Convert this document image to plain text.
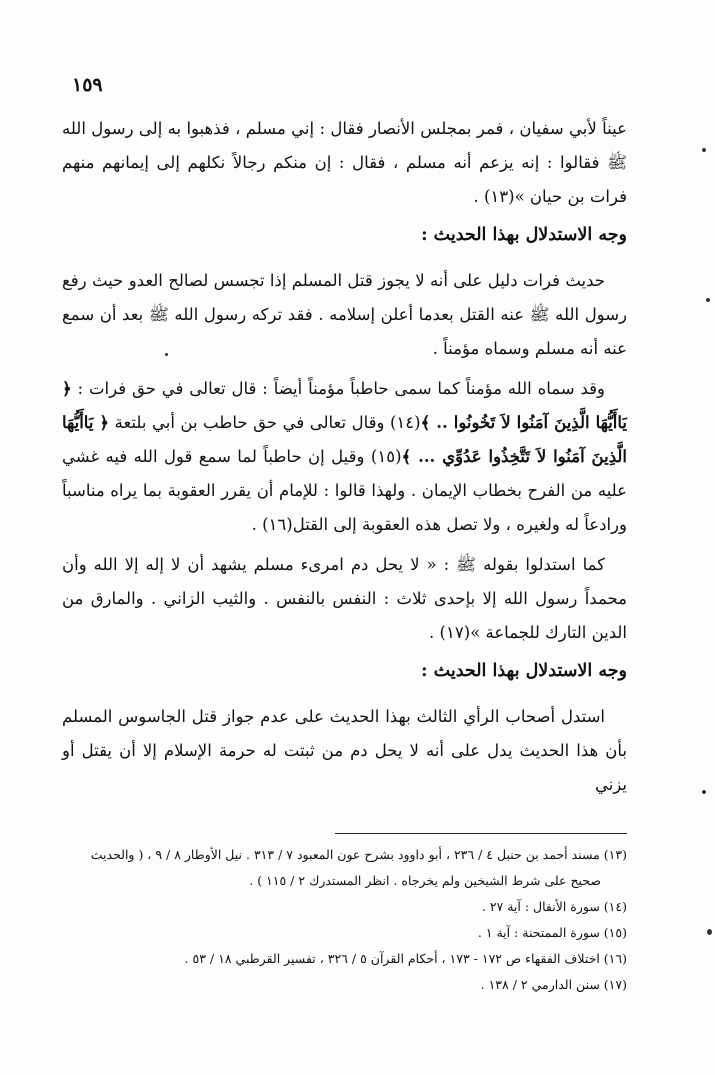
١٥٩

عيناً لأبي سفيان ، فمر بمجلس الأنصار فقال : إني مسلم ، فذهبوا به إلى رسول الله ﷺ فقالوا : إنه يزعم أنه مسلم ، فقال : إن منكم رجالاً نكلهم إلى إيمانهم منهم فرات بن حيان »(١٣) .

وجه الاستدلال بهذا الحديث :

حديث فرات دليل على أنه لا يجوز قتل المسلم إذا تجسس لصالح العدو حيث رفع رسول الله ﷺ عنه القتل بعدما أعلن إسلامه . فقد تركه رسول الله ﷺ بعد أن سمع عنه أنه مسلم وسماه مؤمناً .

وقد سماه الله مؤمناً كما سمى حاطباً مؤمناً أيضاً : قال تعالى في حق فرات : ﴿ يَاأَيُّهَا الَّذِينَ آمَنُوا لاَ تَخُونُوا .. ﴾(١٤) وقال تعالى في حق حاطب بن أبي بلتعة ﴿ يَاأَيُّهَا الَّذِينَ آمَنُوا لاَ تَتَّخِذُوا عَدُوِّي ... ﴾(١٥) وقيل إن حاطباً لما سمع قول الله فيه غشي عليه من الفرح بخطاب الإيمان . ولهذا قالوا : للإمام أن يقرر العقوبة بما يراه مناسباً ورادعاً له ولغيره ، ولا تصل هذه العقوبة إلى القتل(١٦) .

كما استدلوا بقوله ﷺ : « لا يحل دم امرىء مسلم يشهد أن لا إله إلا الله وأن محمداً رسول الله إلا بإحدى ثلاث : النفس بالنفس . والثيب الزاني . والمارق من الدين التارك للجماعة »(١٧) .

وجه الاستدلال بهذا الحديث :

استدل أصحاب الرأي الثالث بهذا الحديث على عدم جواز قتل الجاسوس المسلم بأن هذا الحديث يدل على أنه لا يحل دم من ثبتت له حرمة الإسلام إلا أن يقتل أو يزني

(١٣) مسند أحمد بن حنبل ٤ / ٢٣٦ ، أبو داوود بشرح عون المعبود ٧ / ٣١٣ . نيل الأوطار ٨ / ٩ ، ( والحديث

صحيح على شرط الشيخين ولم يخرجاه . انظر المستدرك ٢ / ١١٥ ) .

(١٤) سورة الأنفال : آية ٢٧ .

(١٥) سورة الممتحنة : آية ١ .

(١٦) اختلاف الفقهاء ص ١٧٢ - ١٧٣ ، أحكام القرآن ٥ / ٣٢٦ ، تفسير القرطبي ١٨ / ٥٣ .

(١٧) سنن الدارمي ٢ / ١٣٨ .
